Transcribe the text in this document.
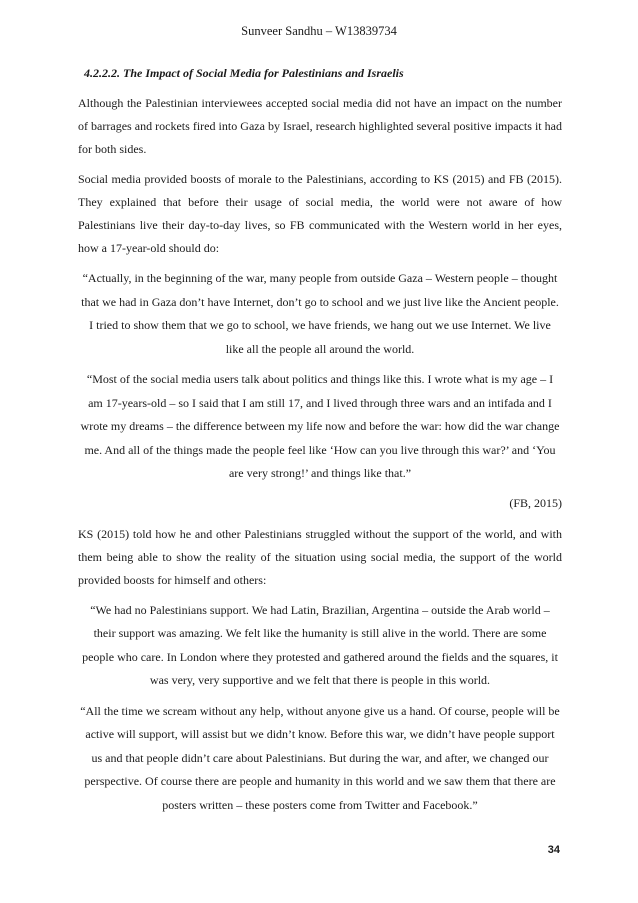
Sunveer Sandhu – W13839734
4.2.2.2. The Impact of Social Media for Palestinians and Israelis

Although the Palestinian interviewees accepted social media did not have an impact on the number of barrages and rockets fired into Gaza by Israel, research highlighted several positive impacts it had for both sides.

Social media provided boosts of morale to the Palestinians, according to KS (2015) and FB (2015). They explained that before their usage of social media, the world were not aware of how Palestinians live their day-to-day lives, so FB communicated with the Western world in her eyes, how a 17-year-old should do:

“Actually, in the beginning of the war, many people from outside Gaza – Western people – thought that we had in Gaza don’t have Internet, don’t go to school and we just live like the Ancient people. I tried to show them that we go to school, we have friends, we hang out we use Internet. We live like all the people all around the world.

“Most of the social media users talk about politics and things like this. I wrote what is my age – I am 17-years-old – so I said that I am still 17, and I lived through three wars and an intifada and I wrote my dreams – the difference between my life now and before the war: how did the war change me. And all of the things made the people feel like ‘How can you live through this war?’ and ‘You are very strong!’ and things like that.”

(FB, 2015)

KS (2015) told how he and other Palestinians struggled without the support of the world, and with them being able to show the reality of the situation using social media, the support of the world provided boosts for himself and others:

“We had no Palestinians support. We had Latin, Brazilian, Argentina – outside the Arab world – their support was amazing. We felt like the humanity is still alive in the world. There are some people who care. In London where they protested and gathered around the fields and the squares, it was very, very supportive and we felt that there is people in this world.

“All the time we scream without any help, without anyone give us a hand. Of course, people will be active will support, will assist but we didn’t know. Before this war, we didn’t have people support us and that people didn’t care about Palestinians. But during the war, and after, we changed our perspective. Of course there are people and humanity in this world and we saw them that there are posters written – these posters come from Twitter and Facebook.”

34
